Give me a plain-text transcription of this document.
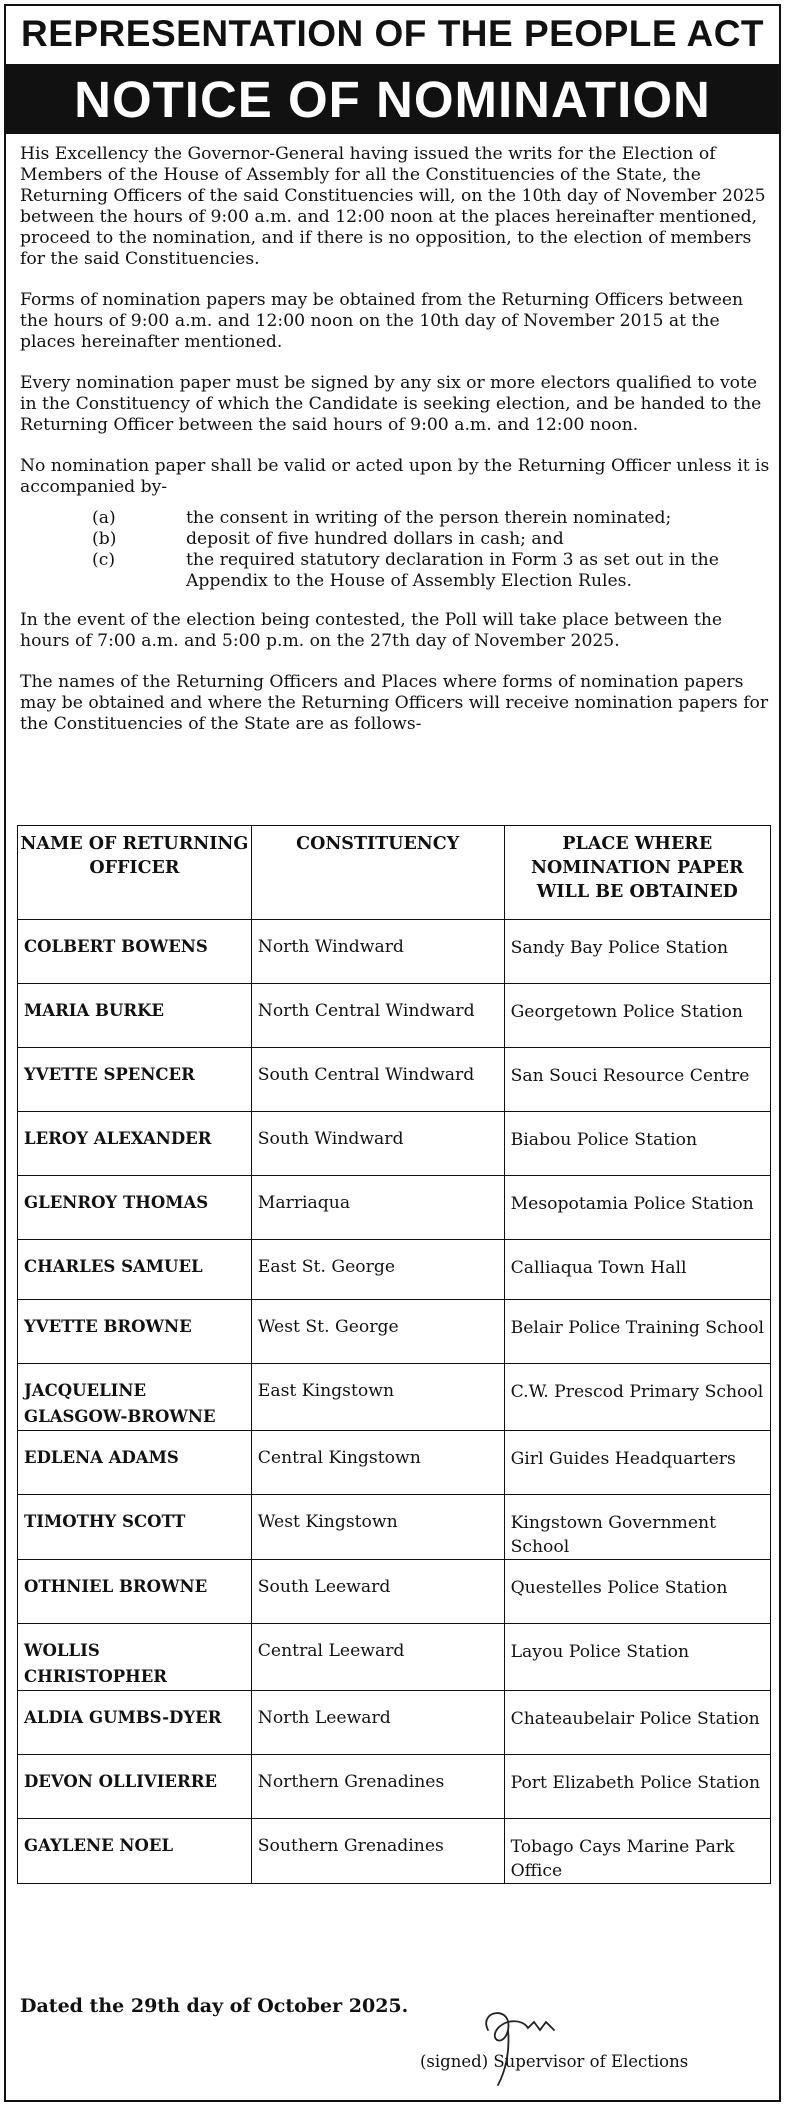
REPRESENTATION OF THE PEOPLE ACT
NOTICE OF NOMINATION

His Excellency the Governor-General having issued the writs for the Election of Members of the House of Assembly for all the Constituencies of the State, the Returning Officers of the said Constituencies will, on the 10th day of November 2025 between the hours of 9:00 a.m. and 12:00 noon at the places hereinafter mentioned, proceed to the nomination, and if there is no opposition, to the election of members for the said Constituencies.

Forms of nomination papers may be obtained from the Returning Officers between the hours of 9:00 a.m. and 12:00 noon on the 10th day of November 2015 at the places hereinafter mentioned.

Every nomination paper must be signed by any six or more electors qualified to vote in the Constituency of which the Candidate is seeking election, and be handed to the Returning Officer between the said hours of 9:00 a.m. and 12:00 noon.

No nomination paper shall be valid or acted upon by the Returning Officer unless it is accompanied by-

(a)	the consent in writing of the person therein nominated;
(b)	deposit of five hundred dollars in cash; and
(c)	the required statutory declaration in Form 3 as set out in the Appendix to the House of Assembly Election Rules.

In the event of the election being contested, the Poll will take place between the hours of 7:00 a.m. and 5:00 p.m. on the 27th day of November 2025.

The names of the Returning Officers and Places where forms of nomination papers may be obtained and where the Returning Officers will receive nomination papers for the Constituencies of the State are as follows-

NAME OF RETURNING OFFICER	CONSTITUENCY	PLACE WHERE NOMINATION PAPER WILL BE OBTAINED
COLBERT BOWENS	North Windward	Sandy Bay Police Station
MARIA BURKE	North Central Windward	Georgetown Police Station
YVETTE SPENCER	South Central Windward	San Souci Resource Centre
LEROY ALEXANDER	South Windward	Biabou Police Station
GLENROY THOMAS	Marriaqua	Mesopotamia Police Station
CHARLES SAMUEL	East St. George	Calliaqua Town Hall
YVETTE BROWNE	West St. George	Belair Police Training School
JACQUELINE GLASGOW-BROWNE	East Kingstown	C.W. Prescod Primary School
EDLENA ADAMS	Central Kingstown	Girl Guides Headquarters
TIMOTHY SCOTT	West Kingstown	Kingstown Government School
OTHNIEL BROWNE	South Leeward	Questelles Police Station
WOLLIS CHRISTOPHER	Central Leeward	Layou Police Station
ALDIA GUMBS-DYER	North Leeward	Chateaubelair Police Station
DEVON OLLIVIERRE	Northern Grenadines	Port Elizabeth Police Station
GAYLENE NOEL	Southern Grenadines	Tobago Cays Marine Park Office
Dated the 29th day of October 2025.
(signed) Supervisor of Elections
